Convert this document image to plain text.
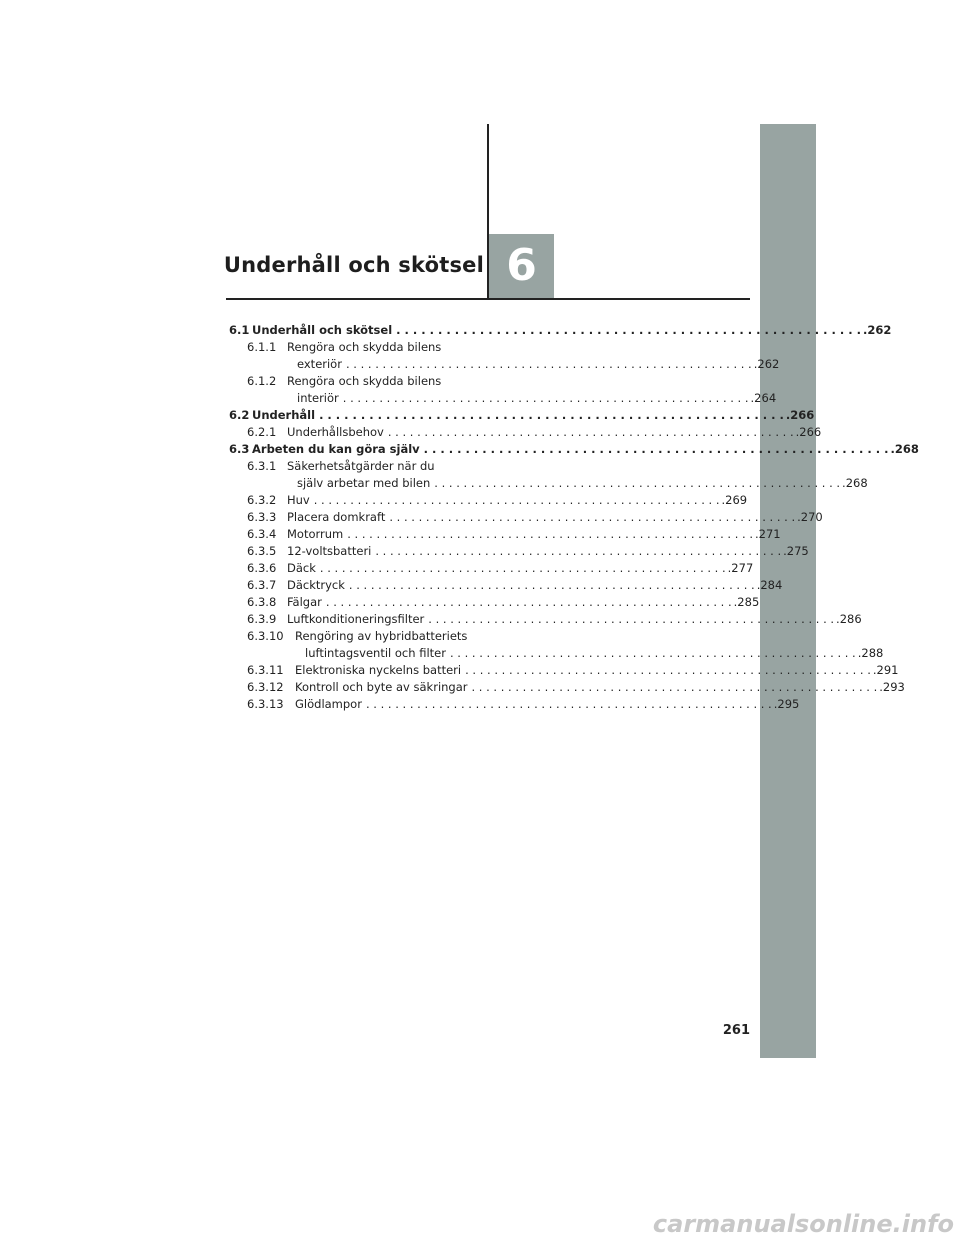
Underhåll och skötsel 6
6.1 Underhåll och skötsel . . .	.262
6.1.1 Rengöra och skydda bilens
exteriör . . .	.262
6.1.2 Rengöra och skydda bilens
interiör . . .	.264
6.2 Underhåll . . .	.266
6.2.1 Underhållsbehov . . .	.266
6.3 Arbeten du kan göra själv . . .	.268
6.3.1 Säkerhetsåtgärder när du
själv arbetar med bilen . . .	.268
6.3.2 Huv . . .	.269
6.3.3 Placera domkraft . . .	.270
6.3.4 Motorrum . . .	.271
6.3.5 12-voltsbatteri . . .	.275
6.3.6 Däck . . .	.277
6.3.7 Däcktryck . . .	.284
6.3.8 Fälgar . . .	.285
6.3.9 Luftkonditioneringsfilter . . .	.286
6.3.10 Rengöring av hybridbatteriets
luftintagsventil och filter . . .	.288
6.3.11 Elektroniska nyckelns batteri . . .	.291
6.3.12 Kontroll och byte av säkringar . . .	.293
6.3.13 Glödlampor . . .	.295
261
carmanualsonline.info
